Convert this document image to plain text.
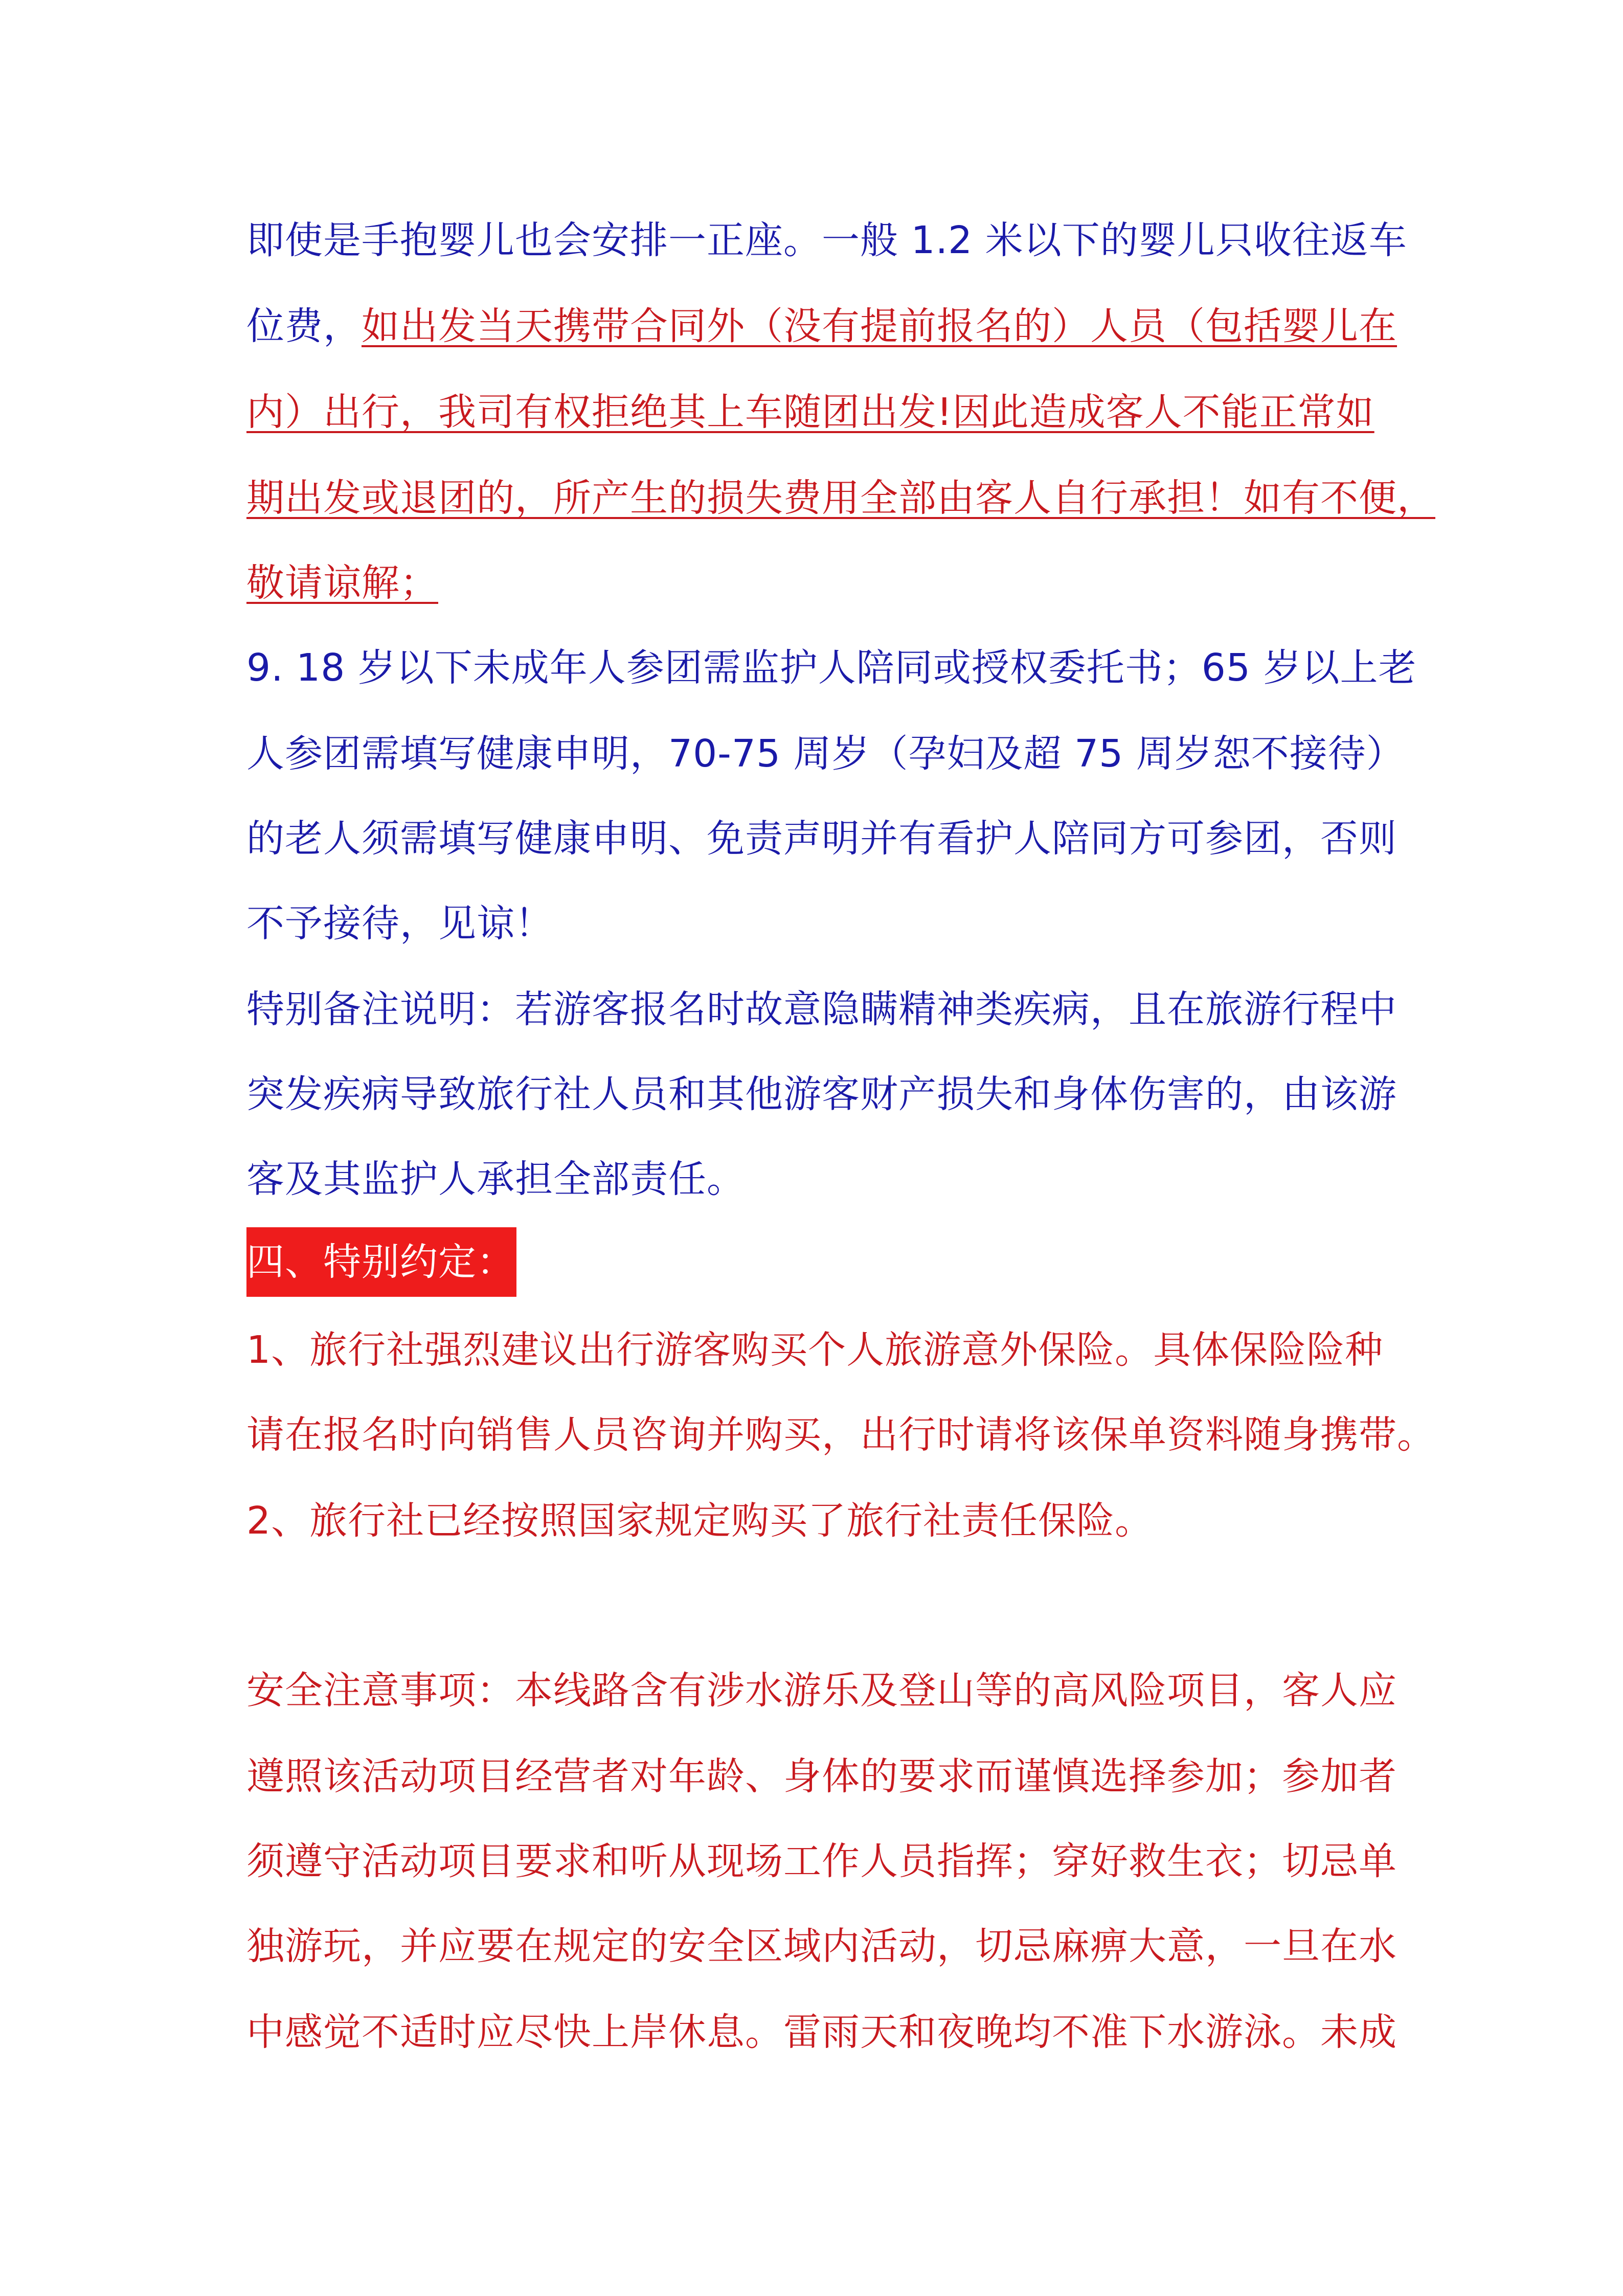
即使是手抱婴儿也会安排一正座。一般 1.2 米以下的婴儿只收往返车
位费，如出发当天携带合同外（没有提前报名的）人员（包括婴儿在
内）出行，我司有权拒绝其上车随团出发!因此造成客人不能正常如
期出发或退团的，所产生的损失费用全部由客人自行承担！如有不便，
敬请谅解；
9. 18 岁以下未成年人参团需监护人陪同或授权委托书；65 岁以上老
人参团需填写健康申明，70-75 周岁（孕妇及超 75 周岁恕不接待）
的老人须需填写健康申明、免责声明并有看护人陪同方可参团，否则
不予接待，见谅！
特别备注说明：若游客报名时故意隐瞒精神类疾病，且在旅游行程中
突发疾病导致旅行社人员和其他游客财产损失和身体伤害的，由该游
客及其监护人承担全部责任。
四、特别约定：
1、旅行社强烈建议出行游客购买个人旅游意外保险。具体保险险种
请在报名时向销售人员咨询并购买，出行时请将该保单资料随身携带。
2、旅行社已经按照国家规定购买了旅行社责任保险。
安全注意事项：本线路含有涉水游乐及登山等的高风险项目，客人应
遵照该活动项目经营者对年龄、身体的要求而谨慎选择参加；参加者
须遵守活动项目要求和听从现场工作人员指挥；穿好救生衣；切忌单
独游玩，并应要在规定的安全区域内活动，切忌麻痹大意，一旦在水
中感觉不适时应尽快上岸休息。雷雨天和夜晚均不准下水游泳。未成
